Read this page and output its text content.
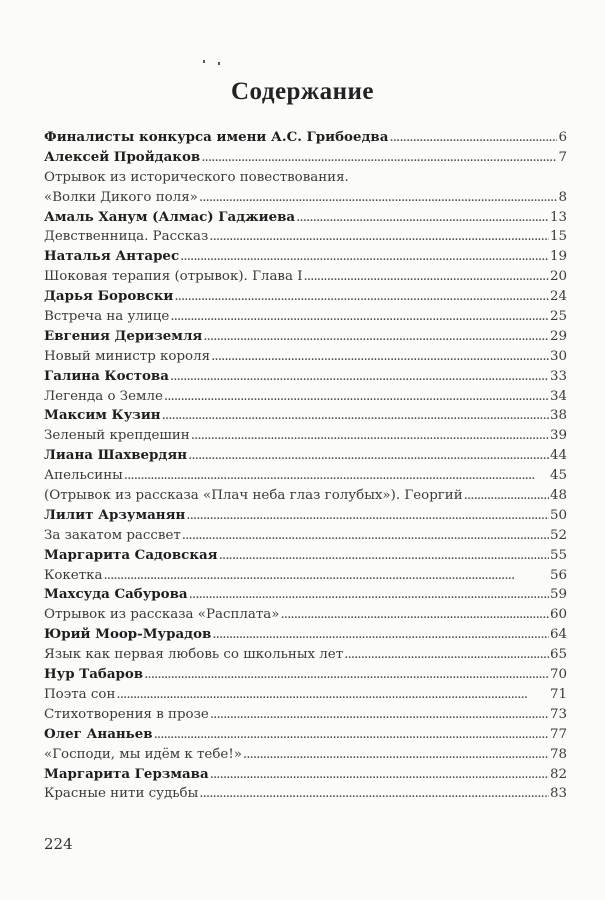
Содержание
Финалисты конкурса имени А.С. Грибоедва . . .	6
Алексей Пройдаков . . .	7
Отрывок из исторического повествования.
«Волки Дикого поля» . . .	8
Амаль Ханум (Алмас) Гаджиева . . .	13
Девственница. Рассказ . . .	15
Наталья Антарес . . .	19
Шоковая терапия (отрывок). Глава I . . .	20
Дарья Боровски . . .	24
Встреча на улице . . .	25
Евгения Дериземля . . .	29
Новый министр короля . . .	30
Галина Костова . . .	33
Легенда о Земле . . .	34
Максим Кузин . . .	38
Зеленый крепдешин . . .	39
Лиана Шахвердян . . .	44
Апельсины . . .	45
(Отрывок из рассказа «Плач неба глаз голубых»). Георгий . . .	48
Лилит Арзуманян . . .	50
За закатом рассвет . . .	52
Маргарита Садовская . . .	55
Кокетка . . .	56
Махсуда Сабурова . . .	59
Отрывок из рассказа «Расплата» . . .	60
Юрий Моор-Мурадов . . .	64
Язык как первая любовь со школьных лет . . .	65
Нур Табаров . . .	70
Поэта сон . . .	71
Стихотворения в прозе . . .	73
Олег Ананьев . . .	77
«Господи, мы идём к тебе!» . . .	78
Маргарита Герзмава . . .	82
Красные нити судьбы . . .	83
224
